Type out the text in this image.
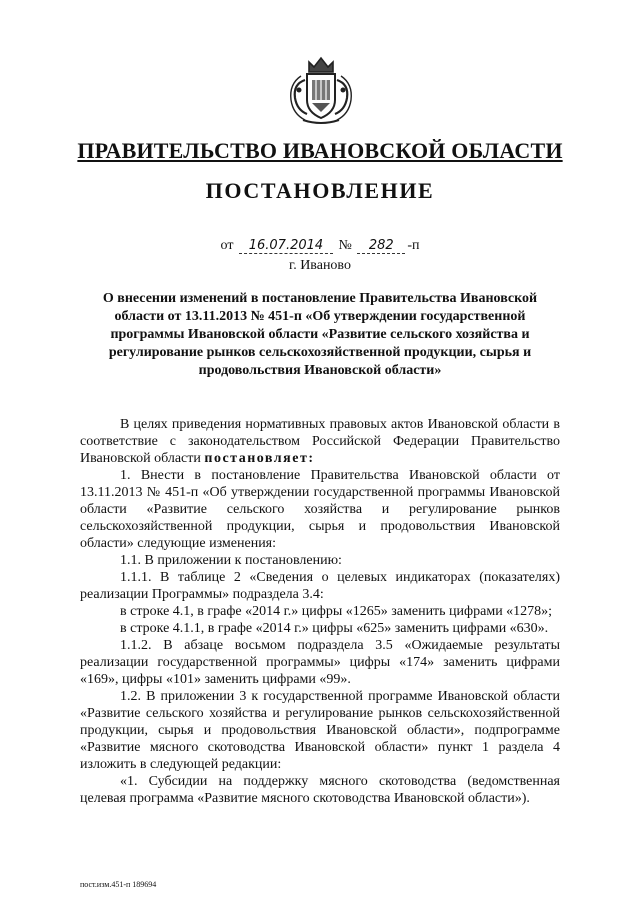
ПРАВИТЕЛЬСТВО ИВАНОВСКОЙ ОБЛАСТИ
ПОСТАНОВЛЕНИЕ
от 16.07.2014 № 282 -п
г. Иваново
О внесении изменений в постановление Правительства Ивановской области от 13.11.2013 № 451-п «Об утверждении государственной программы Ивановской области «Развитие сельского хозяйства и регулирование рынков сельскохозяйственной продукции, сырья и продовольствия Ивановской области»

В целях приведения нормативных правовых актов Ивановской области в соответствие с законодательством Российской Федерации Правительство Ивановской области постановляет:

1. Внести в постановление Правительства Ивановской области от 13.11.2013 № 451-п «Об утверждении государственной программы Ивановской области «Развитие сельского хозяйства и регулирование рынков сельскохозяйственной продукции, сырья и продовольствия Ивановской области» следующие изменения:

1.1. В приложении к постановлению:

1.1.1. В таблице 2 «Сведения о целевых индикаторах (показателях) реализации Программы» подраздела 3.4:

в строке 4.1, в графе «2014 г.» цифры «1265» заменить цифрами «1278»;

в строке 4.1.1, в графе «2014 г.» цифры «625» заменить цифрами «630».

1.1.2. В абзаце восьмом подраздела 3.5 «Ожидаемые результаты реализации государственной программы» цифры «174» заменить цифрами «169», цифры «101» заменить цифрами «99».

1.2. В приложении 3 к государственной программе Ивановской области «Развитие сельского хозяйства и регулирование рынков сельскохозяйственной продукции, сырья и продовольствия Ивановской области», подпрограмме «Развитие мясного скотоводства Ивановской области» пункт 1 раздела 4 изложить в следующей редакции:

«1. Субсидии на поддержку мясного скотоводства (ведомственная целевая программа «Развитие мясного скотоводства Ивановской области»).

пост.изм.451-п 189694
